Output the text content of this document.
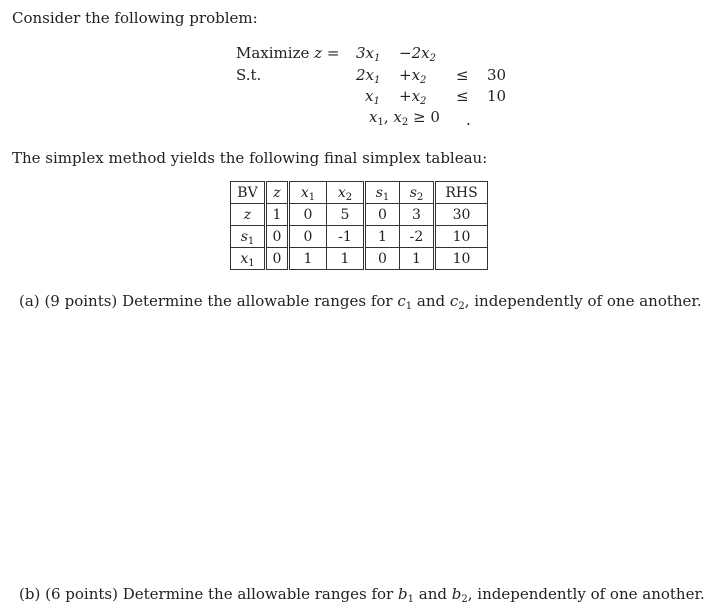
Consider the following problem:
Maximize $z = 3x_1 -2x_2$
S.t.	$2x_1 +x_2 \le 30$
$x_1 +x_2 \le 10$
$x_1$, $x_2 \ge 0$ .
The simplex method yields the following final simplex tableau:
BV	z	$x_1$	$x_2$	$s_1$	$s_2$	RHS
z	1	0	5	0	3	30
$s_1$	0	0	-1	1	-2	10
$x_1$	0	1	1	0	1	10
(a) (9 points) Determine the allowable ranges for $c_1$ and $c_2$, independently of one another.
(b) (6 points) Determine the allowable ranges for $b_1$ and $b_2$, independently of one another.
